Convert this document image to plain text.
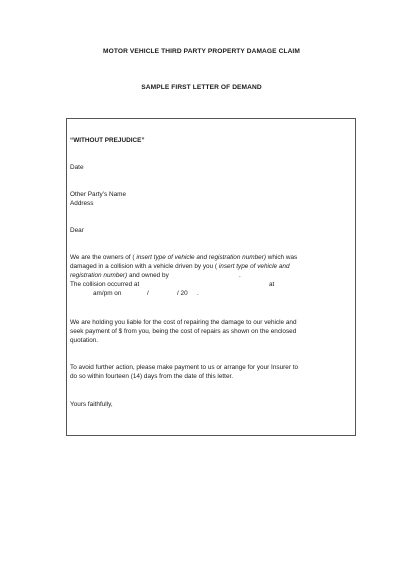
MOTOR VEHICLE THIRD PARTY PROPERTY DAMAGE CLAIM
SAMPLE FIRST LETTER OF DEMAND
“WITHOUT PREJUDICE”
Date
Other Party’s Name
Address
Dear
We are the owners of ( insert type of vehicle and registration number) which was
damaged in a collision with a vehicle driven by you ( insert type of vehicle and
registration number) and owned by	.
The collision occurred at	at
am/pm on	/	/ 20 .
We are holding you liable for the cost of repairing the damage to our vehicle and
seek payment of $ from you, being the cost of repairs as shown on the enclosed
quotation.
To avoid further action, please make payment to us or arrange for your Insurer to
do so within fourteen (14) days from the date of this letter.
Yours faithfully,
